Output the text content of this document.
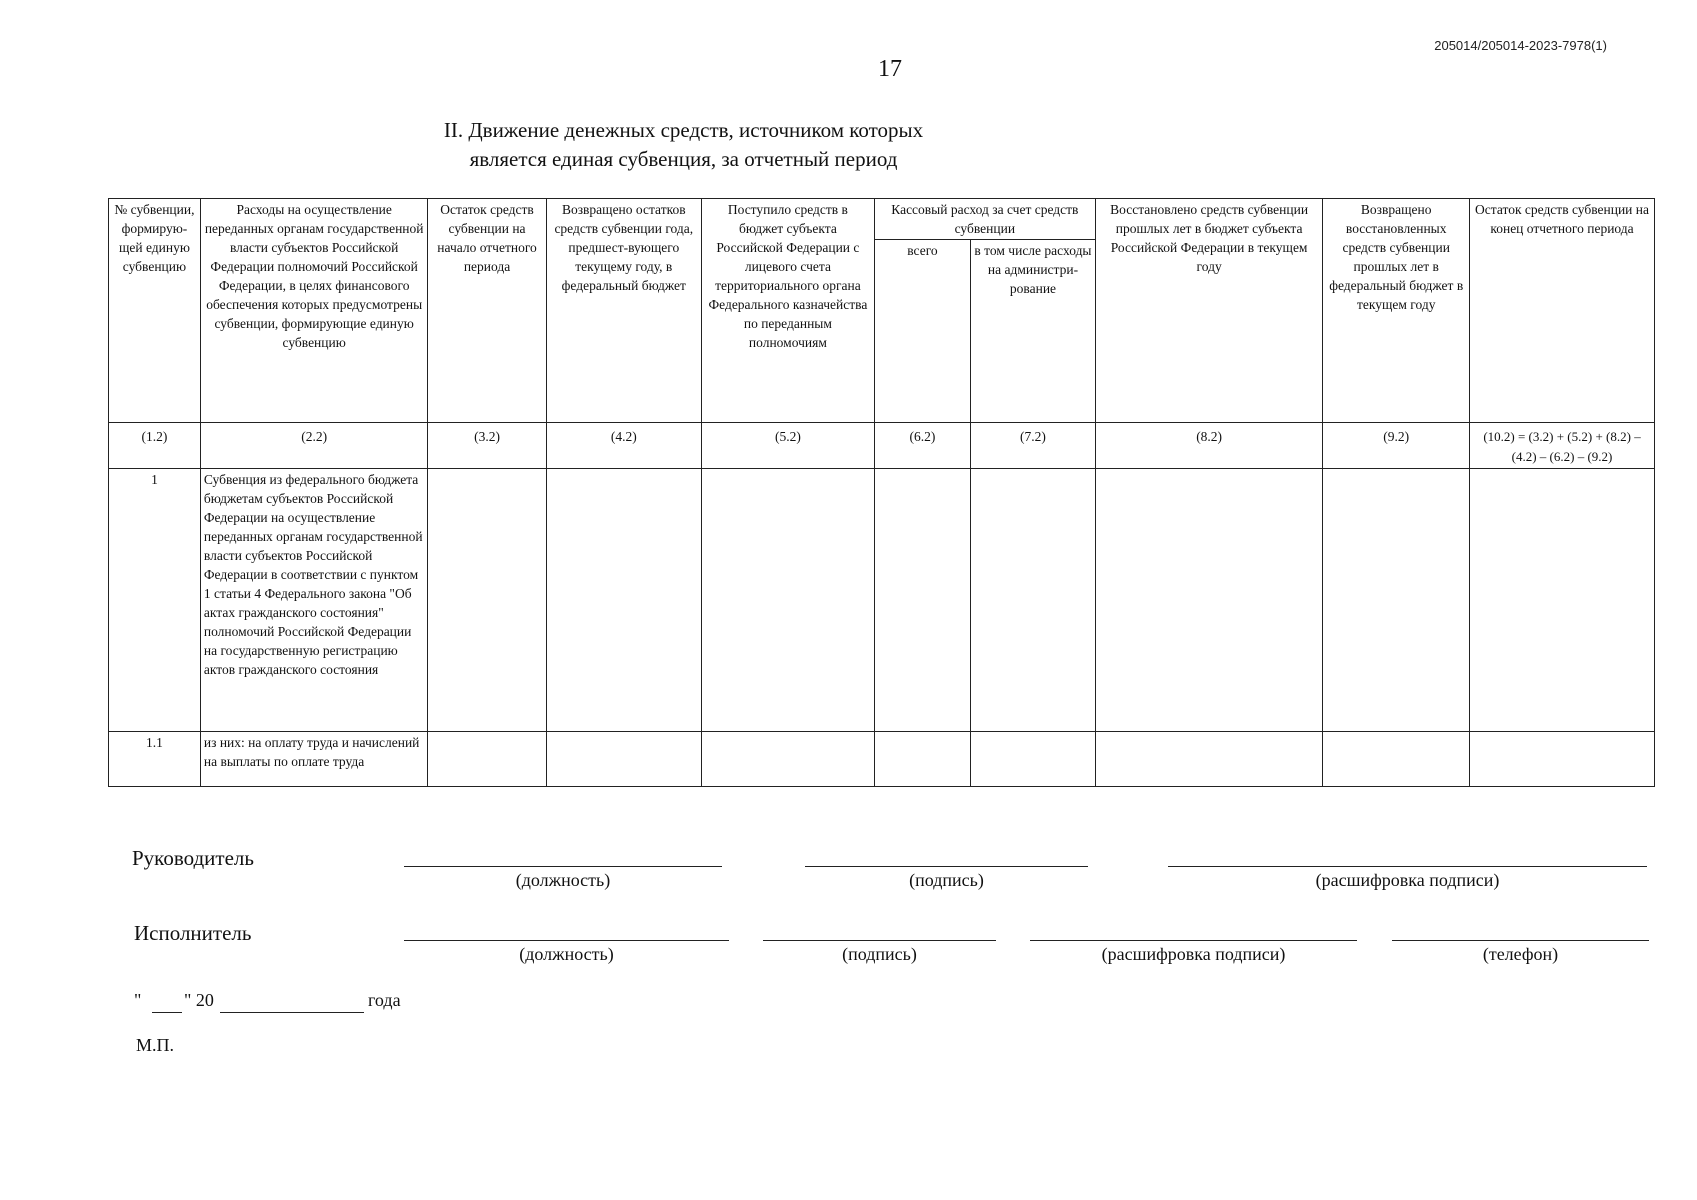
205014/205014-2023-7978(1)
17
II. Движение денежных средств, источником которых
является единая субвенция, за отчетный период
№ субвенции, формирую-щей единую субвенцию	Расходы на осуществление переданных органам государственной власти субъектов Российской Федерации полномочий Российской Федерации, в целях финансового обеспечения которых предусмотрены субвенции, формирующие единую субвенцию	Остаток средств субвенции на начало отчетного периода	Возвращено остатков средств субвенции года, предшест-вующего текущему году, в федеральный бюджет	Поступило средств в бюджет субъекта Российской Федерации с лицевого счета территориального органа Федерального казначейства по переданным полномочиям	Кассовый расход за счет средств субвенции		Восстановлено средств субвенции прошлых лет в бюджет субъекта Российской Федерации в текущем году	Возвращено восстановленных средств субвенции прошлых лет в федеральный бюджет в текущем году	Остаток средств субвенции на конец отчетного периода
					всего	в том числе расходы на администри-рование			
(1.2)	(2.2)	(3.2)	(4.2)	(5.2)	(6.2)	(7.2)	(8.2)	(9.2)	(10.2) = (3.2) + (5.2) + (8.2) – (4.2) – (6.2) – (9.2)
1	Субвенция из федерального бюджета бюджетам субъектов Российской Федерации на осуществление переданных органам государственной власти субъектов Российской Федерации в соответствии с пунктом 1 статьи 4 Федерального закона "Об актах гражданского состояния" полномочий Российской Федерации на государственную регистрацию актов гражданского состояния								
1.1	из них: на оплату труда и начислений на выплаты по оплате труда								
Руководитель
(должность)	(подпись)	(расшифровка подписи)
Исполнитель
(должность)	(подпись)	(расшифровка подписи)	(телефон)
" " 20	года
М.П.
